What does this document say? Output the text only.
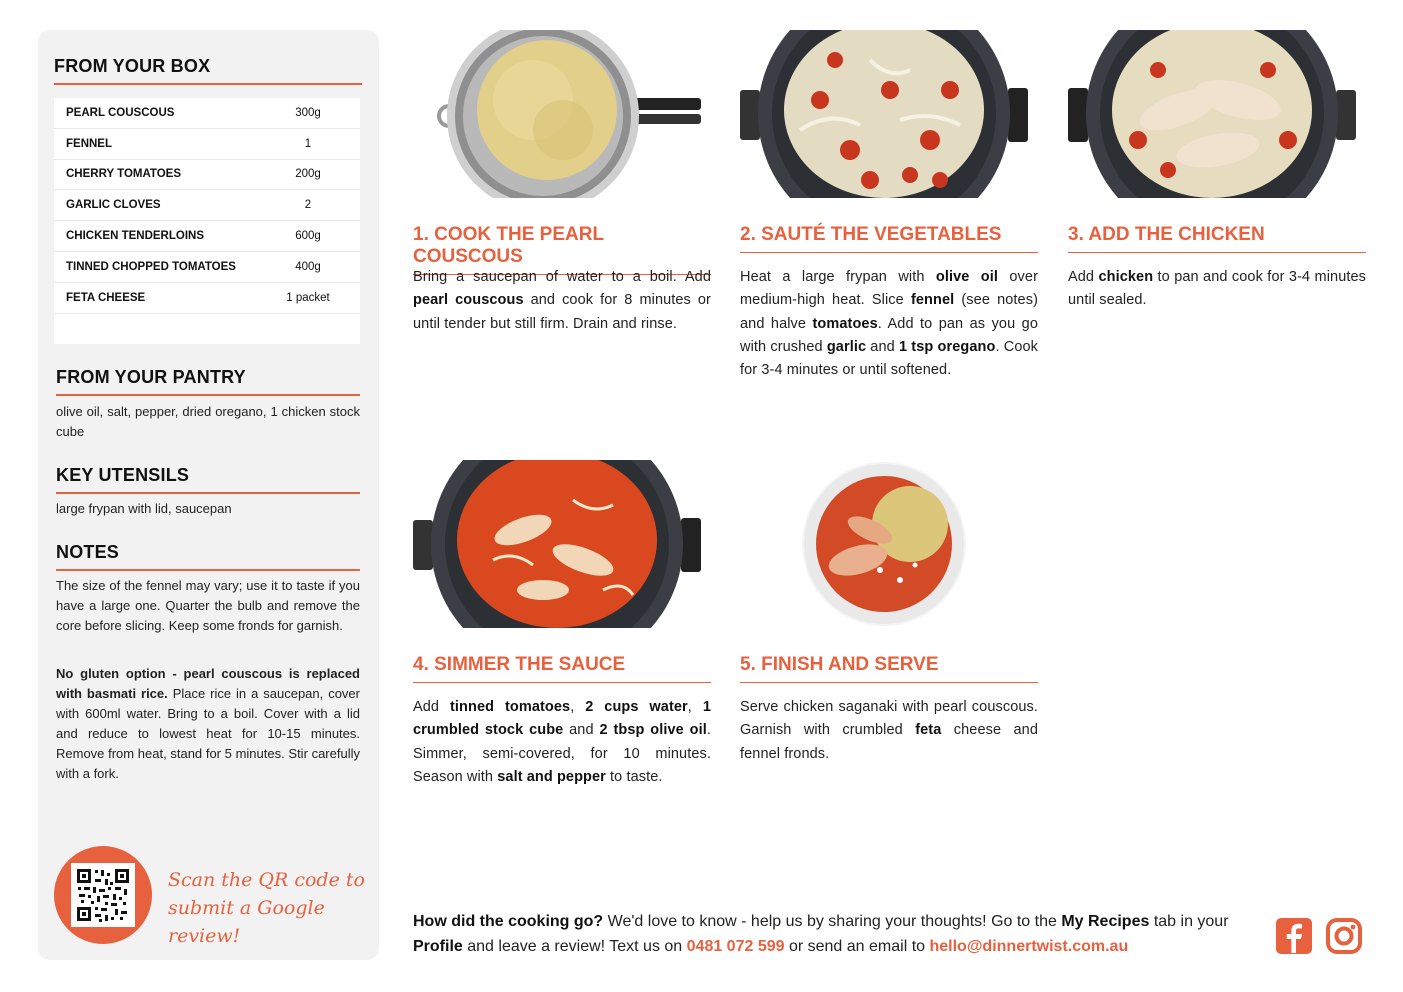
FROM YOUR BOX
PEARL COUSCOUS	300g
FENNEL	1
CHERRY TOMATOES	200g
GARLIC CLOVES	2
CHICKEN TENDERLOINS	600g
TINNED CHOPPED TOMATOES	400g
FETA CHEESE	1 packet
FROM YOUR PANTRY

olive oil, salt, pepper, dried oregano, 1 chicken stock cube

KEY UTENSILS

large frypan with lid, saucepan

NOTES

The size of the fennel may vary; use it to taste if you have a large one. Quarter the bulb and remove the core before slicing. Keep some fronds for garnish.

No gluten option - pearl couscous is replaced with basmati rice. Place rice in a saucepan, cover with 600ml water. Bring to a boil. Cover with a lid and reduce to lowest heat for 10-15 minutes. Remove from heat, stand for 5 minutes. Stir carefully with a fork.

Scan the QR code to
submit a Google review!
1. COOK THE PEARL COUSCOUS

Bring a saucepan of water to a boil. Add pearl couscous and cook for 8 minutes or until tender but still firm. Drain and rinse.

2. SAUTÉ THE VEGETABLES

Heat a large frypan with olive oil over medium-high heat. Slice fennel (see notes) and halve tomatoes. Add to pan as you go with crushed garlic and 1 tsp oregano. Cook for 3-4 minutes or until softened.

3. ADD THE CHICKEN

Add chicken to pan and cook for 3-4 minutes until sealed.

4. SIMMER THE SAUCE

Add tinned tomatoes, 2 cups water, 1 crumbled stock cube and 2 tbsp olive oil. Simmer, semi-covered, for 10 minutes. Season with salt and pepper to taste.

5. FINISH AND SERVE

Serve chicken saganaki with pearl couscous. Garnish with crumbled feta cheese and fennel fronds.

How did the cooking go? We'd love to know - help us by sharing your thoughts! Go to the My Recipes tab in your Profile and leave a review! Text us on 0481 072 599 or send an email to hello@dinnertwist.com.au
